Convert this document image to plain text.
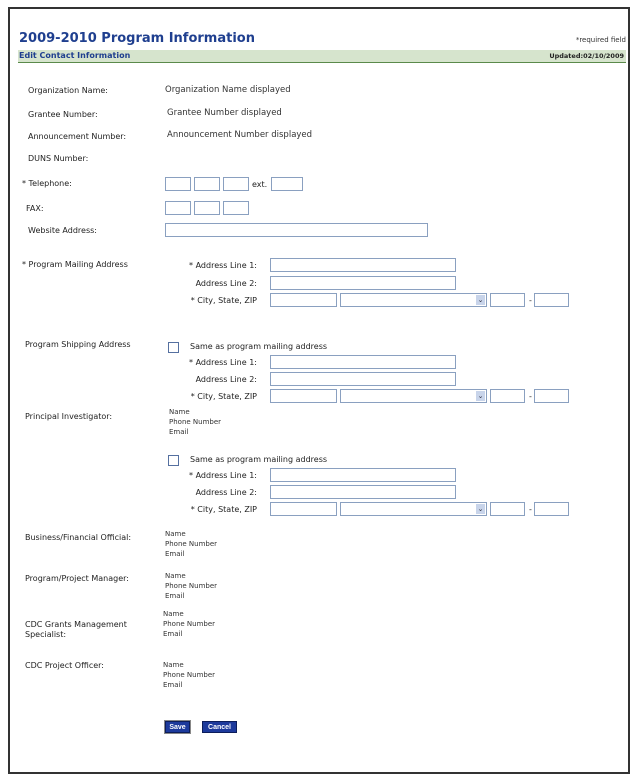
2009-2010 Program Information	*required field
Edit Contact Information	Updated:02/10/2009
Organization Name:	Organization Name displayed
Grantee Number:	Grantee Number displayed
Announcement Number:	Announcement Number displayed
DUNS Number:
* Telephone:	ext.
FAX:
Website Address:
* Program Mailing Address	* Address Line 1:
Address Line 2:
* City, State, ZIP	⌄	-
Program Shipping Address	Same as program mailing address
* Address Line 1:
Address Line 2:
* City, State, ZIP	⌄	-
Principal Investigator:	Name
Phone Number
Email
Same as program mailing address
* Address Line 1:
Address Line 2:
* City, State, ZIP	⌄	-
Business/Financial Official:	Name
Phone Number
Email
Program/Project Manager:	Name
Phone Number
Email
CDC Grants Management Specialist:
Name
Phone Number
Email
CDC Project Officer:	Name
Phone Number
Email
Save	Cancel
